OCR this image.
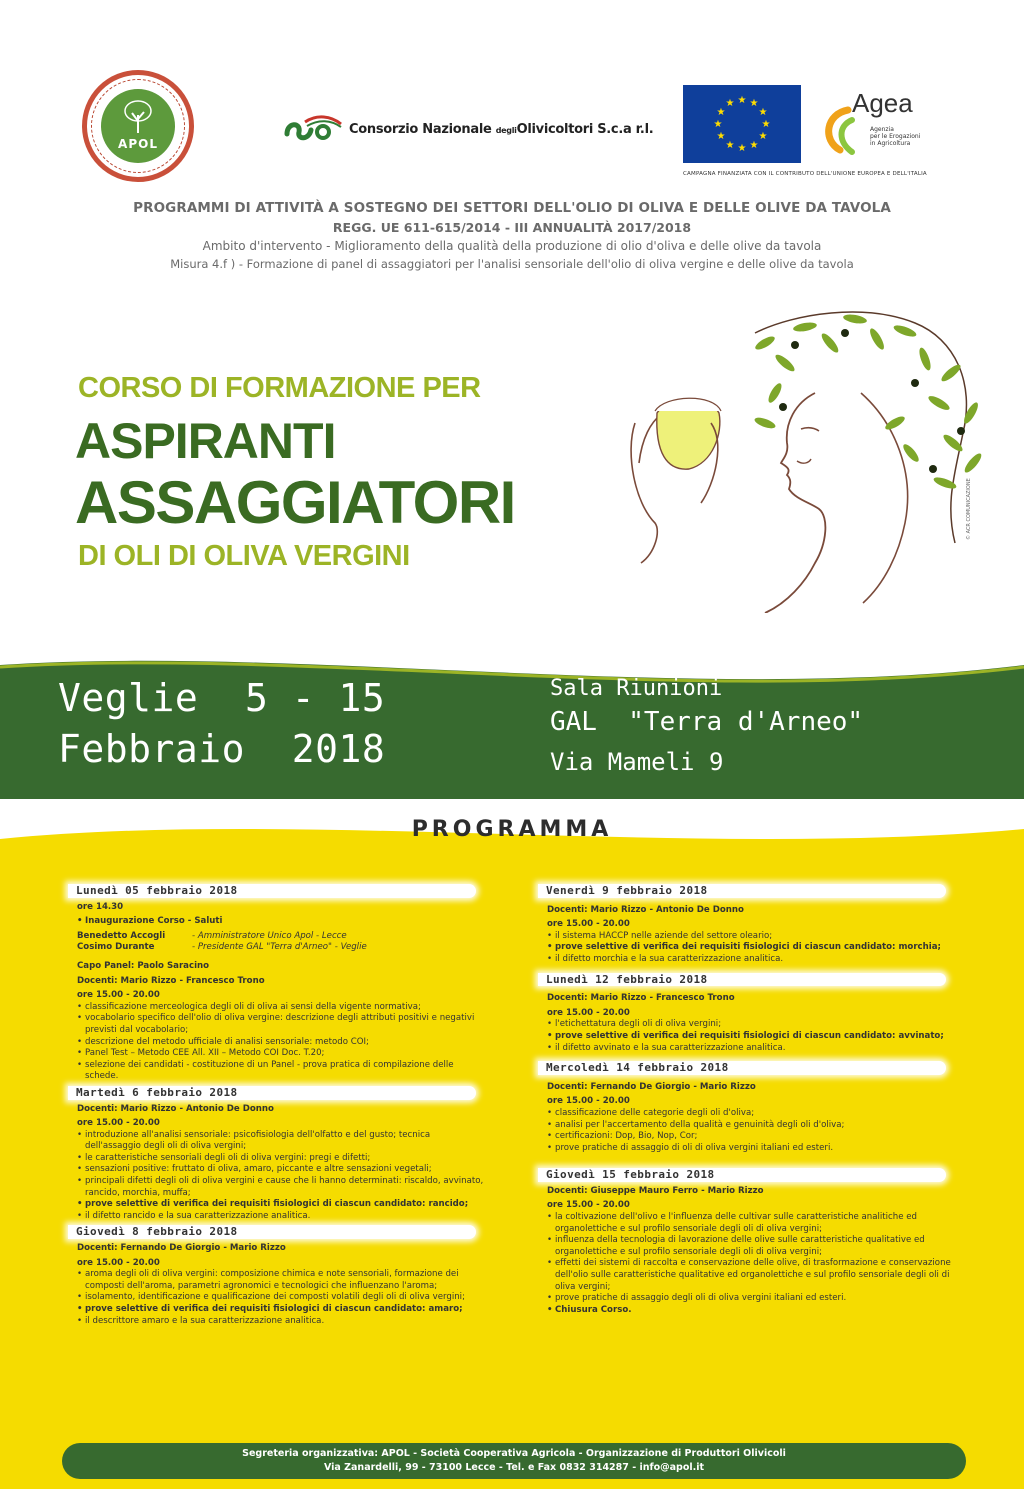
APOL
Consorzio Nazionale degliOlivicoltori S.c.a r.l.
★ ★
★
★
★
★
★
★
★
★
★
★
CAMPAGNA FINANZIATA CON IL CONTRIBUTO DELL'UNIONE EUROPEA E DELL'ITALIA
Agea
Agenzia
per le Erogazioni
in Agricoltura
PROGRAMMI DI ATTIVITÀ A SOSTEGNO DEI SETTORI DELL'OLIO DI OLIVA E DELLE OLIVE DA TAVOLA
REGG. UE 611-615/2014 - III ANNUALITÀ 2017/2018
Ambito d'intervento - Miglioramento della qualità della produzione di olio d'oliva e delle olive da tavola
Misura 4.f ) - Formazione di panel di assaggiatori per l'analisi sensoriale dell'olio di oliva vergine e delle olive da tavola
CORSO DI FORMAZIONE PER
ASPIRANTI
ASSAGGIATORI
DI OLI DI OLIVA VERGINI
© ACR COMUNICAZIONE
Veglie  5 - 15
Febbraio  2018
Sala Riunioni
GAL  "Terra d'Arneo"
Via Mameli 9
PROGRAMMA
Lunedì 05 febbraio 2018
ore 14.30
• Inaugurazione Corso - Saluti
Benedetto Accogli	- Amministratore Unico Apol - Lecce
Cosimo Durante	- Presidente GAL "Terra d'Arneo" - Veglie
Capo Panel: Paolo Saracino
Docenti: Mario Rizzo - Francesco Trono
ore 15.00 - 20.00
• classificazione merceologica degli oli di oliva ai sensi della vigente normativa;
• vocabolario specifico dell'olio di oliva vergine: descrizione degli attributi positivi e negativi previsti dal vocabolario;
• descrizione del metodo ufficiale di analisi sensoriale: metodo COI;
• Panel Test – Metodo CEE All. XII – Metodo COI Doc. T.20;
• selezione dei candidati - costituzione di un Panel - prova pratica di compilazione delle schede.
Martedì 6 febbraio 2018
Docenti: Mario Rizzo - Antonio De Donno
ore 15.00 - 20.00
• introduzione all'analisi sensoriale: psicofisiologia dell'olfatto e del gusto; tecnica dell'assaggio degli oli di oliva vergini;
• le caratteristiche sensoriali degli oli di oliva vergini: pregi e difetti;
• sensazioni positive: fruttato di oliva, amaro, piccante e altre sensazioni vegetali;
• principali difetti degli oli di oliva vergini e cause che li hanno determinati: riscaldo, avvinato, rancido, morchia, muffa;
• prove selettive di verifica dei requisiti fisiologici di ciascun candidato: rancido;
• il difetto rancido e la sua caratterizzazione analitica.
Giovedì 8 febbraio 2018
Docenti: Fernando De Giorgio - Mario Rizzo
ore 15.00 - 20.00
• aroma degli oli di oliva vergini: composizione chimica e note sensoriali, formazione dei composti dell'aroma, parametri agronomici e tecnologici che influenzano l'aroma;
• isolamento, identificazione e qualificazione dei composti volatili degli oli di oliva vergini;
• prove selettive di verifica dei requisiti fisiologici di ciascun candidato: amaro;
• il descrittore amaro e la sua caratterizzazione analitica.
Venerdì 9 febbraio 2018
Docenti: Mario Rizzo - Antonio De Donno
ore 15.00 - 20.00
• il sistema HACCP nelle aziende del settore oleario;
• prove selettive di verifica dei requisiti fisiologici di ciascun candidato: morchia;
• il difetto morchia e la sua caratterizzazione analitica.
Lunedì 12 febbraio 2018
Docenti: Mario Rizzo - Francesco Trono
ore 15.00 - 20.00
• l'etichettatura degli oli di oliva vergini;
• prove selettive di verifica dei requisiti fisiologici di ciascun candidato: avvinato;
• il difetto avvinato e la sua caratterizzazione analitica.
Mercoledì 14 febbraio 2018
Docenti: Fernando De Giorgio - Mario Rizzo
ore 15.00 - 20.00
• classificazione delle categorie degli oli d'oliva;
• analisi per l'accertamento della qualità e genuinità degli oli d'oliva;
• certificazioni: Dop, Bio, Nop, Cor;
• prove pratiche di assaggio di oli di oliva vergini italiani ed esteri.
Giovedì 15 febbraio 2018
Docenti: Giuseppe Mauro Ferro - Mario Rizzo
ore 15.00 - 20.00
• la coltivazione dell'olivo e l'influenza delle cultivar sulle caratteristiche analitiche ed organolettiche e sul profilo sensoriale degli oli di oliva vergini;
• influenza della tecnologia di lavorazione delle olive sulle caratteristiche qualitative ed organolettiche e sul profilo sensoriale degli oli di oliva vergini;
• effetti dei sistemi di raccolta e conservazione delle olive, di trasformazione e conservazione dell'olio sulle caratteristiche qualitative ed organolettiche e sul profilo sensoriale degli oli di oliva vergini;
• prove pratiche di assaggio degli oli di oliva vergini italiani ed esteri.
• Chiusura Corso.
Segreteria organizzativa: APOL - Società Cooperativa Agricola - Organizzazione di Produttori Olivicoli
Via Zanardelli, 99 - 73100 Lecce - Tel. e Fax 0832 314287 - info@apol.it
